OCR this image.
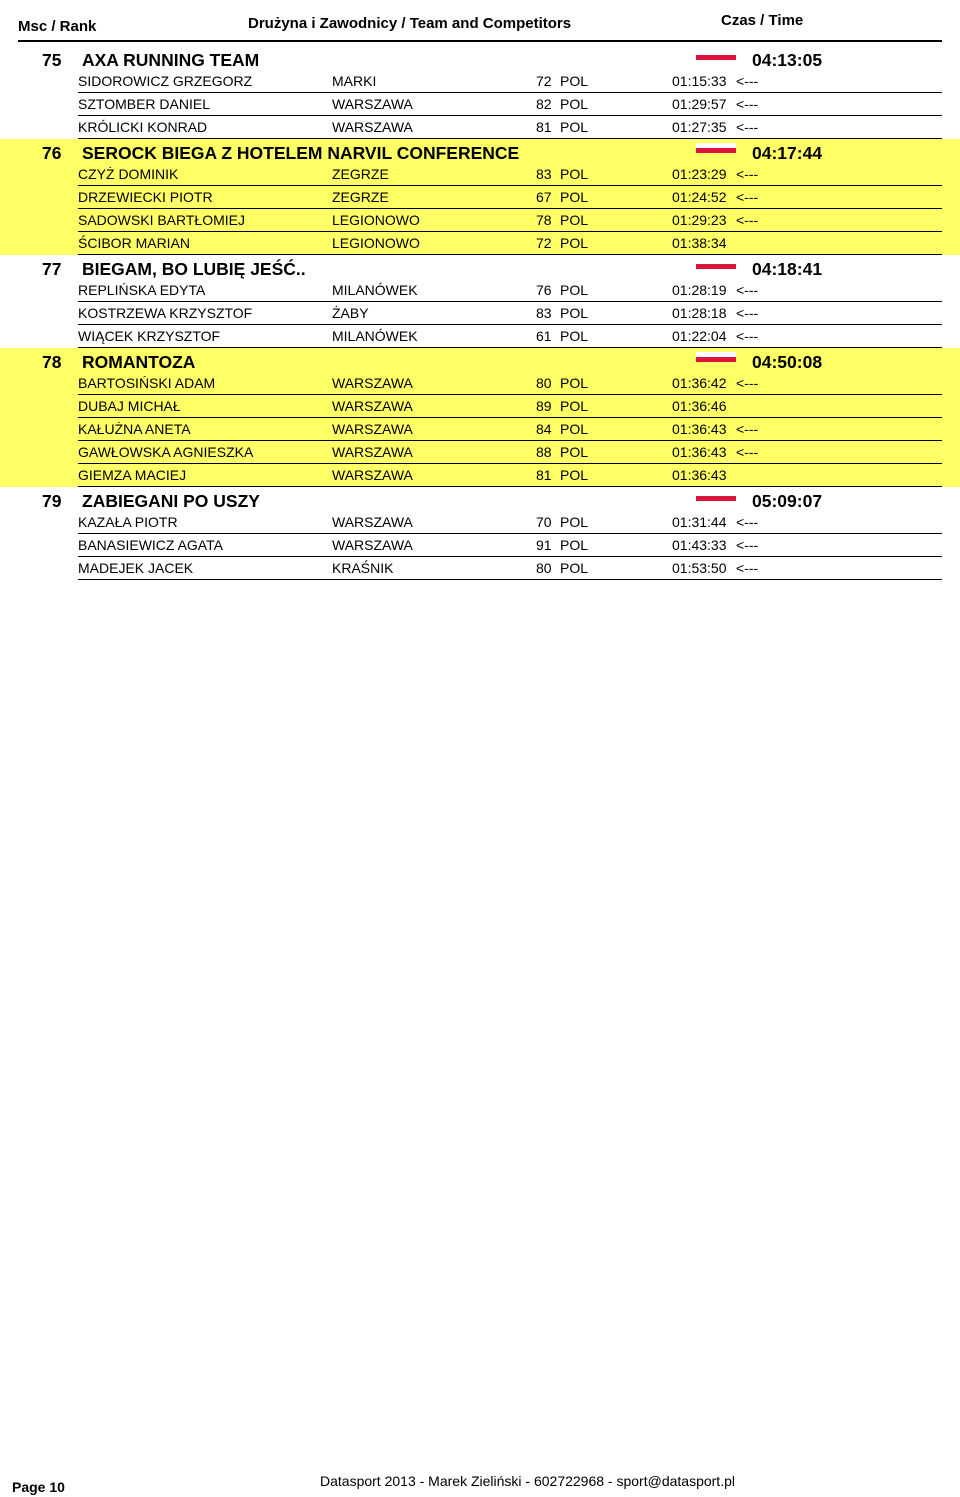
Msc / Rank	Drużyna i Zawodnicy / Team and Competitors	Czas / Time
75 AXA RUNNING TEAM	04:13:05
SIDOROWICZ GRZEGORZ	MARKI	72 POL	01:15:33 <---
SZTOMBER DANIEL	WARSZAWA	82 POL	01:29:57 <---
KRÓLICKI KONRAD	WARSZAWA	81 POL	01:27:35 <---
76 SEROCK BIEGA Z HOTELEM NARVIL CONFERENCE	04:17:44
CZYŻ DOMINIK	ZEGRZE	83 POL	01:23:29 <---
DRZEWIECKI PIOTR	ZEGRZE	67 POL	01:24:52 <---
SADOWSKI BARTŁOMIEJ	LEGIONOWO	78 POL	01:29:23 <---
ŚCIBOR MARIAN	LEGIONOWO	72 POL	01:38:34
77 BIEGAM, BO LUBIĘ JEŚĆ..	04:18:41
REPLIŃSKA EDYTA	MILANÓWEK	76 POL	01:28:19 <---
KOSTRZEWA KRZYSZTOF	ŻABY	83 POL	01:28:18 <---
WIĄCEK KRZYSZTOF	MILANÓWEK	61 POL	01:22:04 <---
78 ROMANTOZA	04:50:08
BARTOSIŃSKI ADAM	WARSZAWA	80 POL	01:36:42 <---
DUBAJ MICHAŁ	WARSZAWA	89 POL	01:36:46
KAŁUŻNA ANETA	WARSZAWA	84 POL	01:36:43 <---
GAWŁOWSKA AGNIESZKA	WARSZAWA	88 POL	01:36:43 <---
GIEMZA MACIEJ	WARSZAWA	81 POL	01:36:43
79 ZABIEGANI PO USZY	05:09:07
KAZAŁA PIOTR	WARSZAWA	70 POL	01:31:44 <---
BANASIEWICZ AGATA	WARSZAWA	91 POL	01:43:33 <---
MADEJEK JACEK	KRAŚNIK	80 POL	01:53:50 <---
Page 10	Datasport 2013 - Marek Zieliński - 602722968 - sport@datasport.pl
